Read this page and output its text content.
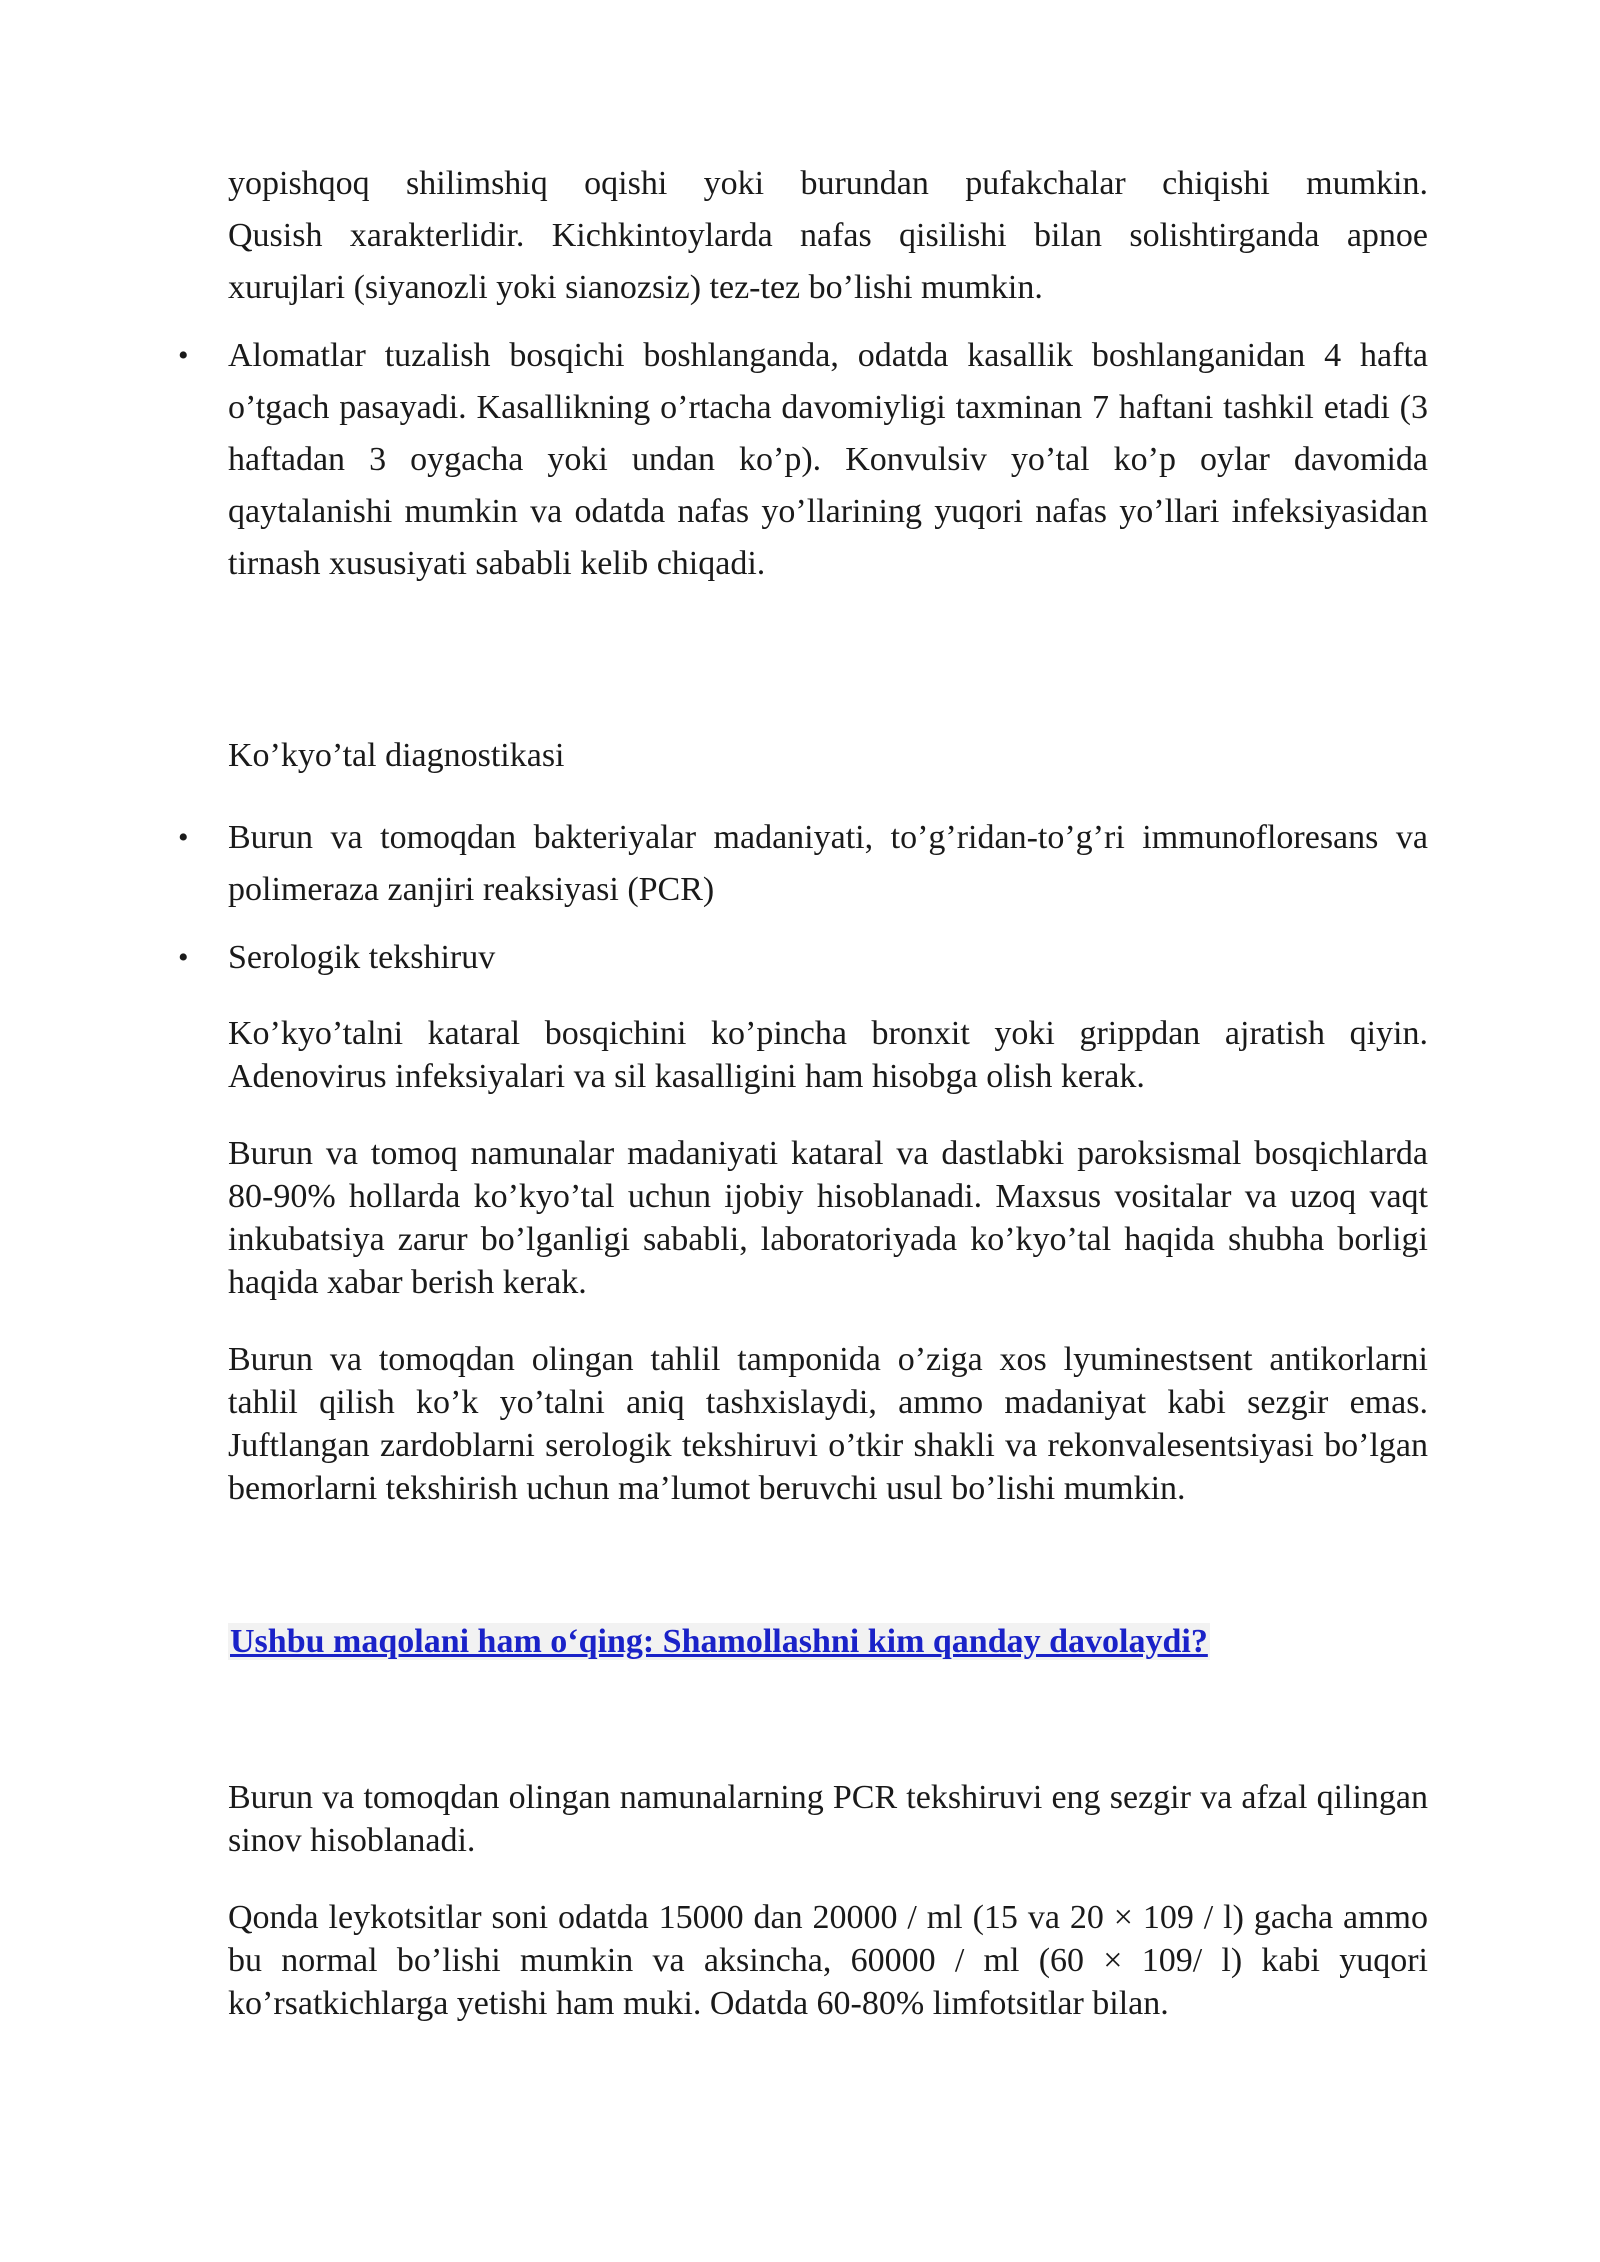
yopishqoq shilimshiq oqishi yoki burundan pufakchalar chiqishi mumkin.
Qusish xarakterlidir. Kichkintoylarda nafas qisilishi bilan solishtirganda apnoe
xurujlari (siyanozli yoki sianozsiz) tez-tez bo’lishi mumkin.
• Alomatlar tuzalish bosqichi boshlanganda, odatda kasallik boshlanganidan 4 hafta o’tgach pasayadi. Kasallikning o’rtacha davomiyligi taxminan 7 haftani tashkil etadi (3 haftadan 3 oygacha yoki undan ko’p). Konvulsiv yo’tal ko’p oylar davomida qaytalanishi mumkin va odatda nafas yo’llarining yuqori nafas yo’llari infeksiyasidan tirnash xususiyati sababli kelib chiqadi.
Ko’kyo’tal diagnostikasi
• Burun va tomoqdan bakteriyalar madaniyati, to’g’ridan-to’g’ri immunofloresans va polimeraza zanjiri reaksiyasi (PCR)
• Serologik tekshiruv

Ko’kyo’talni kataral bosqichini ko’pincha bronxit yoki grippdan ajratish qiyin. Adenovirus infeksiyalari va sil kasalligini ham hisobga olish kerak.

Burun va tomoq namunalar madaniyati kataral va dastlabki paroksismal bosqichlarda 80-90% hollarda ko’kyo’tal uchun ijobiy hisoblanadi. Maxsus vositalar va uzoq vaqt inkubatsiya zarur bo’lganligi sababli, laboratoriyada ko’kyo’tal haqida shubha borligi haqida xabar berish kerak.

Burun va tomoqdan olingan tahlil tamponida o’ziga xos lyuminestsent antikorlarni tahlil qilish ko’k yo’talni aniq tashxislaydi, ammo madaniyat kabi sezgir emas. Juftlangan zardoblarni serologik tekshiruvi o’tkir shakli va rekonvalesentsiyasi bo’lgan bemorlarni tekshirish uchun ma’lumot beruvchi usul bo’lishi mumkin.

Ushbu maqolani ham o‘qing: Shamollashni kim qanday davolaydi?

Burun va tomoqdan olingan namunalarning PCR tekshiruvi eng sezgir va afzal qilingan sinov hisoblanadi.

Qonda leykotsitlar soni odatda 15000 dan 20000 / ml (15 va 20 × 109 / l) gacha ammo bu normal bo’lishi mumkin va aksincha, 60000 / ml (60 × 109/ l) kabi yuqori ko’rsatkichlarga yetishi ham muki. Odatda 60-80% limfotsitlar bilan.
